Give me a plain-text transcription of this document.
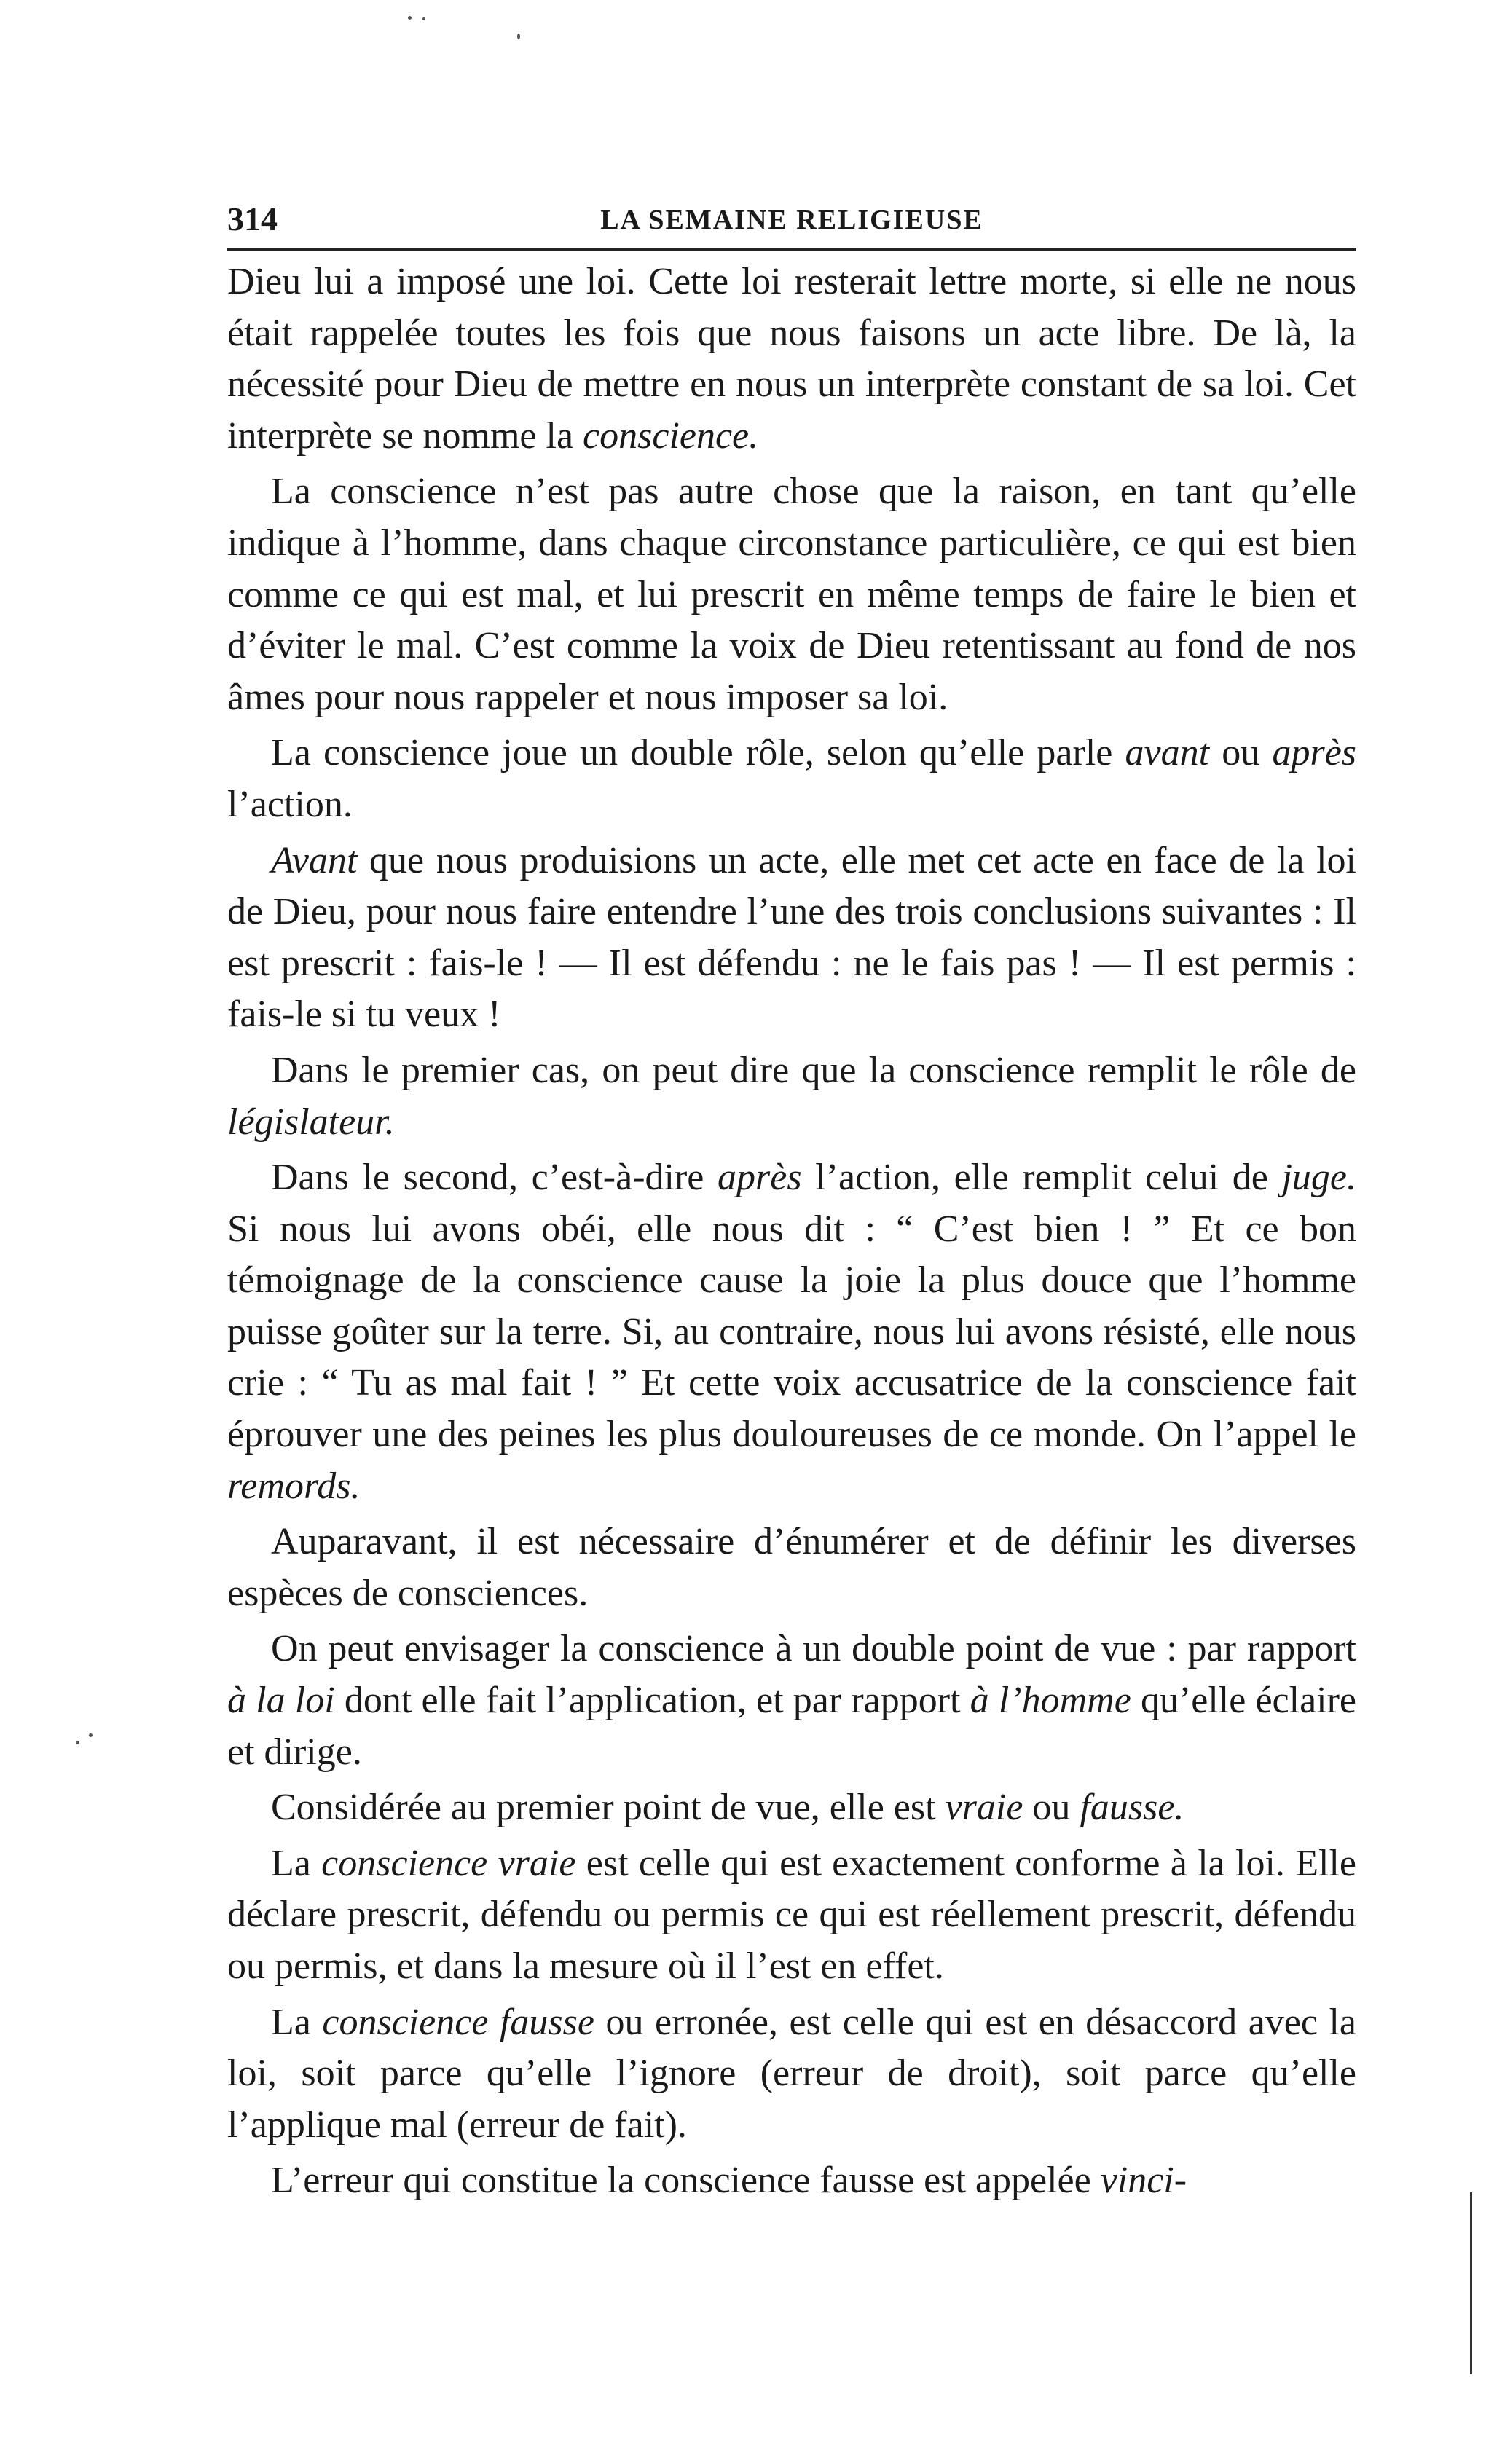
314	LA SEMAINE RELIGIEUSE

Dieu lui a imposé une loi. Cette loi resterait lettre morte, si elle ne nous était rappelée toutes les fois que nous faisons un acte libre. De là, la nécessité pour Dieu de mettre en nous un interprète constant de sa loi. Cet interprète se nomme la conscience.

La conscience n’est pas autre chose que la raison, en tant qu’elle indique à l’homme, dans chaque circonstance particulière, ce qui est bien comme ce qui est mal, et lui prescrit en même temps de faire le bien et d’éviter le mal. C’est comme la voix de Dieu retentissant au fond de nos âmes pour nous rappeler et nous imposer sa loi.

La conscience joue un double rôle, selon qu’elle parle avant ou après l’action.

Avant que nous produisions un acte, elle met cet acte en face de la loi de Dieu, pour nous faire entendre l’une des trois conclusions suivantes : Il est prescrit : fais-le ! — Il est défendu : ne le fais pas ! — Il est permis : fais-le si tu veux !

Dans le premier cas, on peut dire que la conscience remplit le rôle de législateur.

Dans le second, c’est-à-dire après l’action, elle remplit celui de juge. Si nous lui avons obéi, elle nous dit : “ C’est bien ! ” Et ce bon témoignage de la conscience cause la joie la plus douce que l’homme puisse goûter sur la terre. Si, au contraire, nous lui avons résisté, elle nous crie : “ Tu as mal fait ! ” Et cette voix accusatrice de la conscience fait éprouver une des peines les plus douloureuses de ce monde. On l’appel le remords.

Auparavant, il est nécessaire d’énumérer et de définir les diverses espèces de consciences.

On peut envisager la conscience à un double point de vue : par rapport à la loi dont elle fait l’application, et par rapport à l’homme qu’elle éclaire et dirige.

Considérée au premier point de vue, elle est vraie ou fausse.

La conscience vraie est celle qui est exactement conforme à la loi. Elle déclare prescrit, défendu ou permis ce qui est réellement prescrit, défendu ou permis, et dans la mesure où il l’est en effet.

La conscience fausse ou erronée, est celle qui est en désaccord avec la loi, soit parce qu’elle l’ignore (erreur de droit), soit parce qu’elle l’applique mal (erreur de fait).

L’erreur qui constitue la conscience fausse est appelée vinci-
